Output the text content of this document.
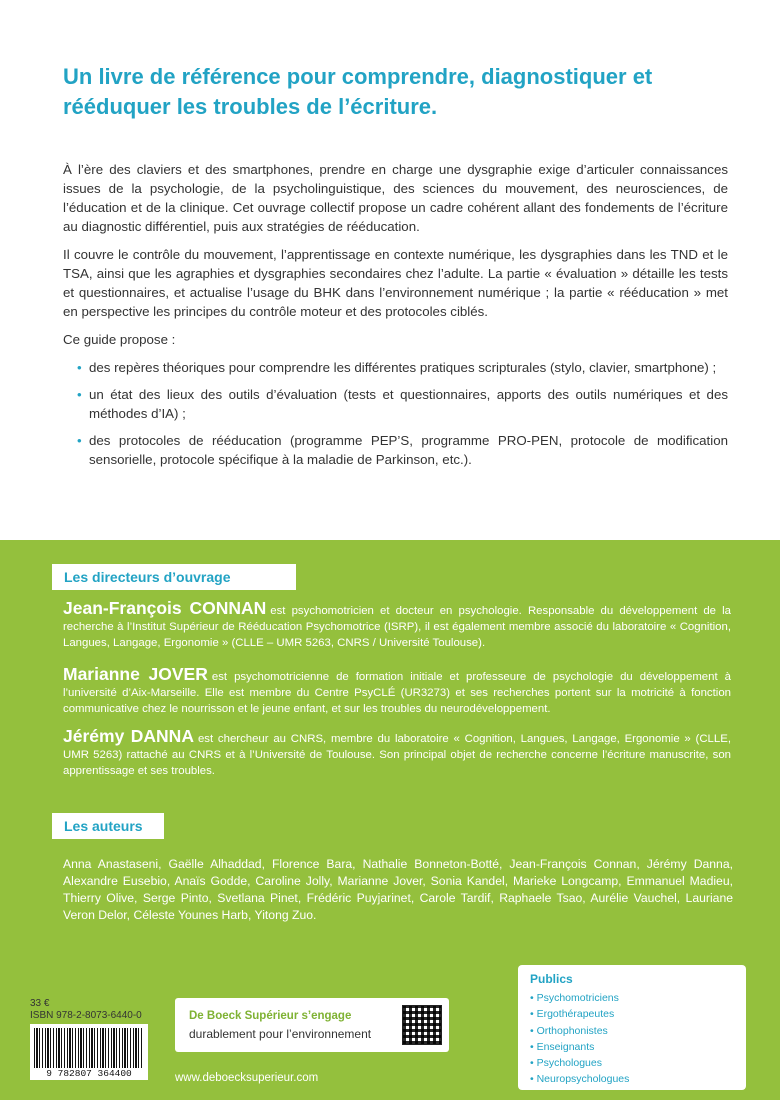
Un livre de référence pour comprendre, diagnostiquer et rééduquer les troubles de l’écriture.

À l’ère des claviers et des smartphones, prendre en charge une dysgraphie exige d’articuler connaissances issues de la psychologie, de la psycholinguistique, des sciences du mouvement, des neurosciences, de l’éducation et de la clinique. Cet ouvrage collectif propose un cadre cohérent allant des fondements de l’écriture au diagnostic différentiel, puis aux stratégies de rééducation.

Il couvre le contrôle du mouvement, l’apprentissage en contexte numérique, les dysgraphies dans les TND et le TSA, ainsi que les agraphies et dysgraphies secondaires chez l’adulte. La partie « évaluation » détaille les tests et questionnaires, et actualise l’usage du BHK dans l’environnement numérique ; la partie « rééducation » met en perspective les principes du contrôle moteur et des protocoles ciblés.

Ce guide propose :

• des repères théoriques pour comprendre les différentes pratiques scripturales (stylo, clavier, smartphone) ;
• un état des lieux des outils d’évaluation (tests et questionnaires, apports des outils numériques et des méthodes d’IA) ;
• des protocoles de rééducation (programme PEP’S, programme PRO-PEN, protocole de modification sensorielle, protocole spécifique à la maladie de Parkinson, etc.).
Les directeurs d’ouvrage
Jean-François CONNAN est psychomotricien et docteur en psychologie. Responsable du développement de la recherche à l’Institut Supérieur de Rééducation Psychomotrice (ISRP), il est également membre associé du laboratoire « Cognition, Langues, Langage, Ergonomie » (CLLE – UMR 5263, CNRS / Université Toulouse).
Marianne JOVER est psychomotricienne de formation initiale et professeure de psychologie du développement à l’université d’Aix-Marseille. Elle est membre du Centre PsyCLÉ (UR3273) et ses recherches portent sur la motricité à fonction communicative chez le nourrisson et le jeune enfant, et sur les troubles du neurodéveloppement.
Jérémy DANNA est chercheur au CNRS, membre du laboratoire « Cognition, Langues, Langage, Ergonomie » (CLLE, UMR 5263) rattaché au CNRS et à l’Université de Toulouse. Son principal objet de recherche concerne l’écriture manuscrite, son apprentissage et ses troubles.
Les auteurs
Anna Anastaseni, Gaëlle Alhaddad, Florence Bara, Nathalie Bonneton-Botté, Jean-François Connan, Jérémy Danna, Alexandre Eusebio, Anaïs Godde, Caroline Jolly, Marianne Jover, Sonia Kandel, Marieke Longcamp, Emmanuel Madieu, Thierry Olive, Serge Pinto, Svetlana Pinet, Frédéric Puyjarinet, Carole Tardif, Raphaele Tsao, Aurélie Vauchel, Lauriane Veron Delor, Céleste Younes Harb, Yitong Zuo.
33 €
ISBN 978-2-8073-6440-0
9 782807 364400
De Boeck Supérieur s’engage
durablement pour l’environnement
www.deboecksuperieur.com
Publics
• Psychomotriciens
• Ergothérapeutes
• Orthophonistes
• Enseignants
• Psychologues
• Neuropsychologues
